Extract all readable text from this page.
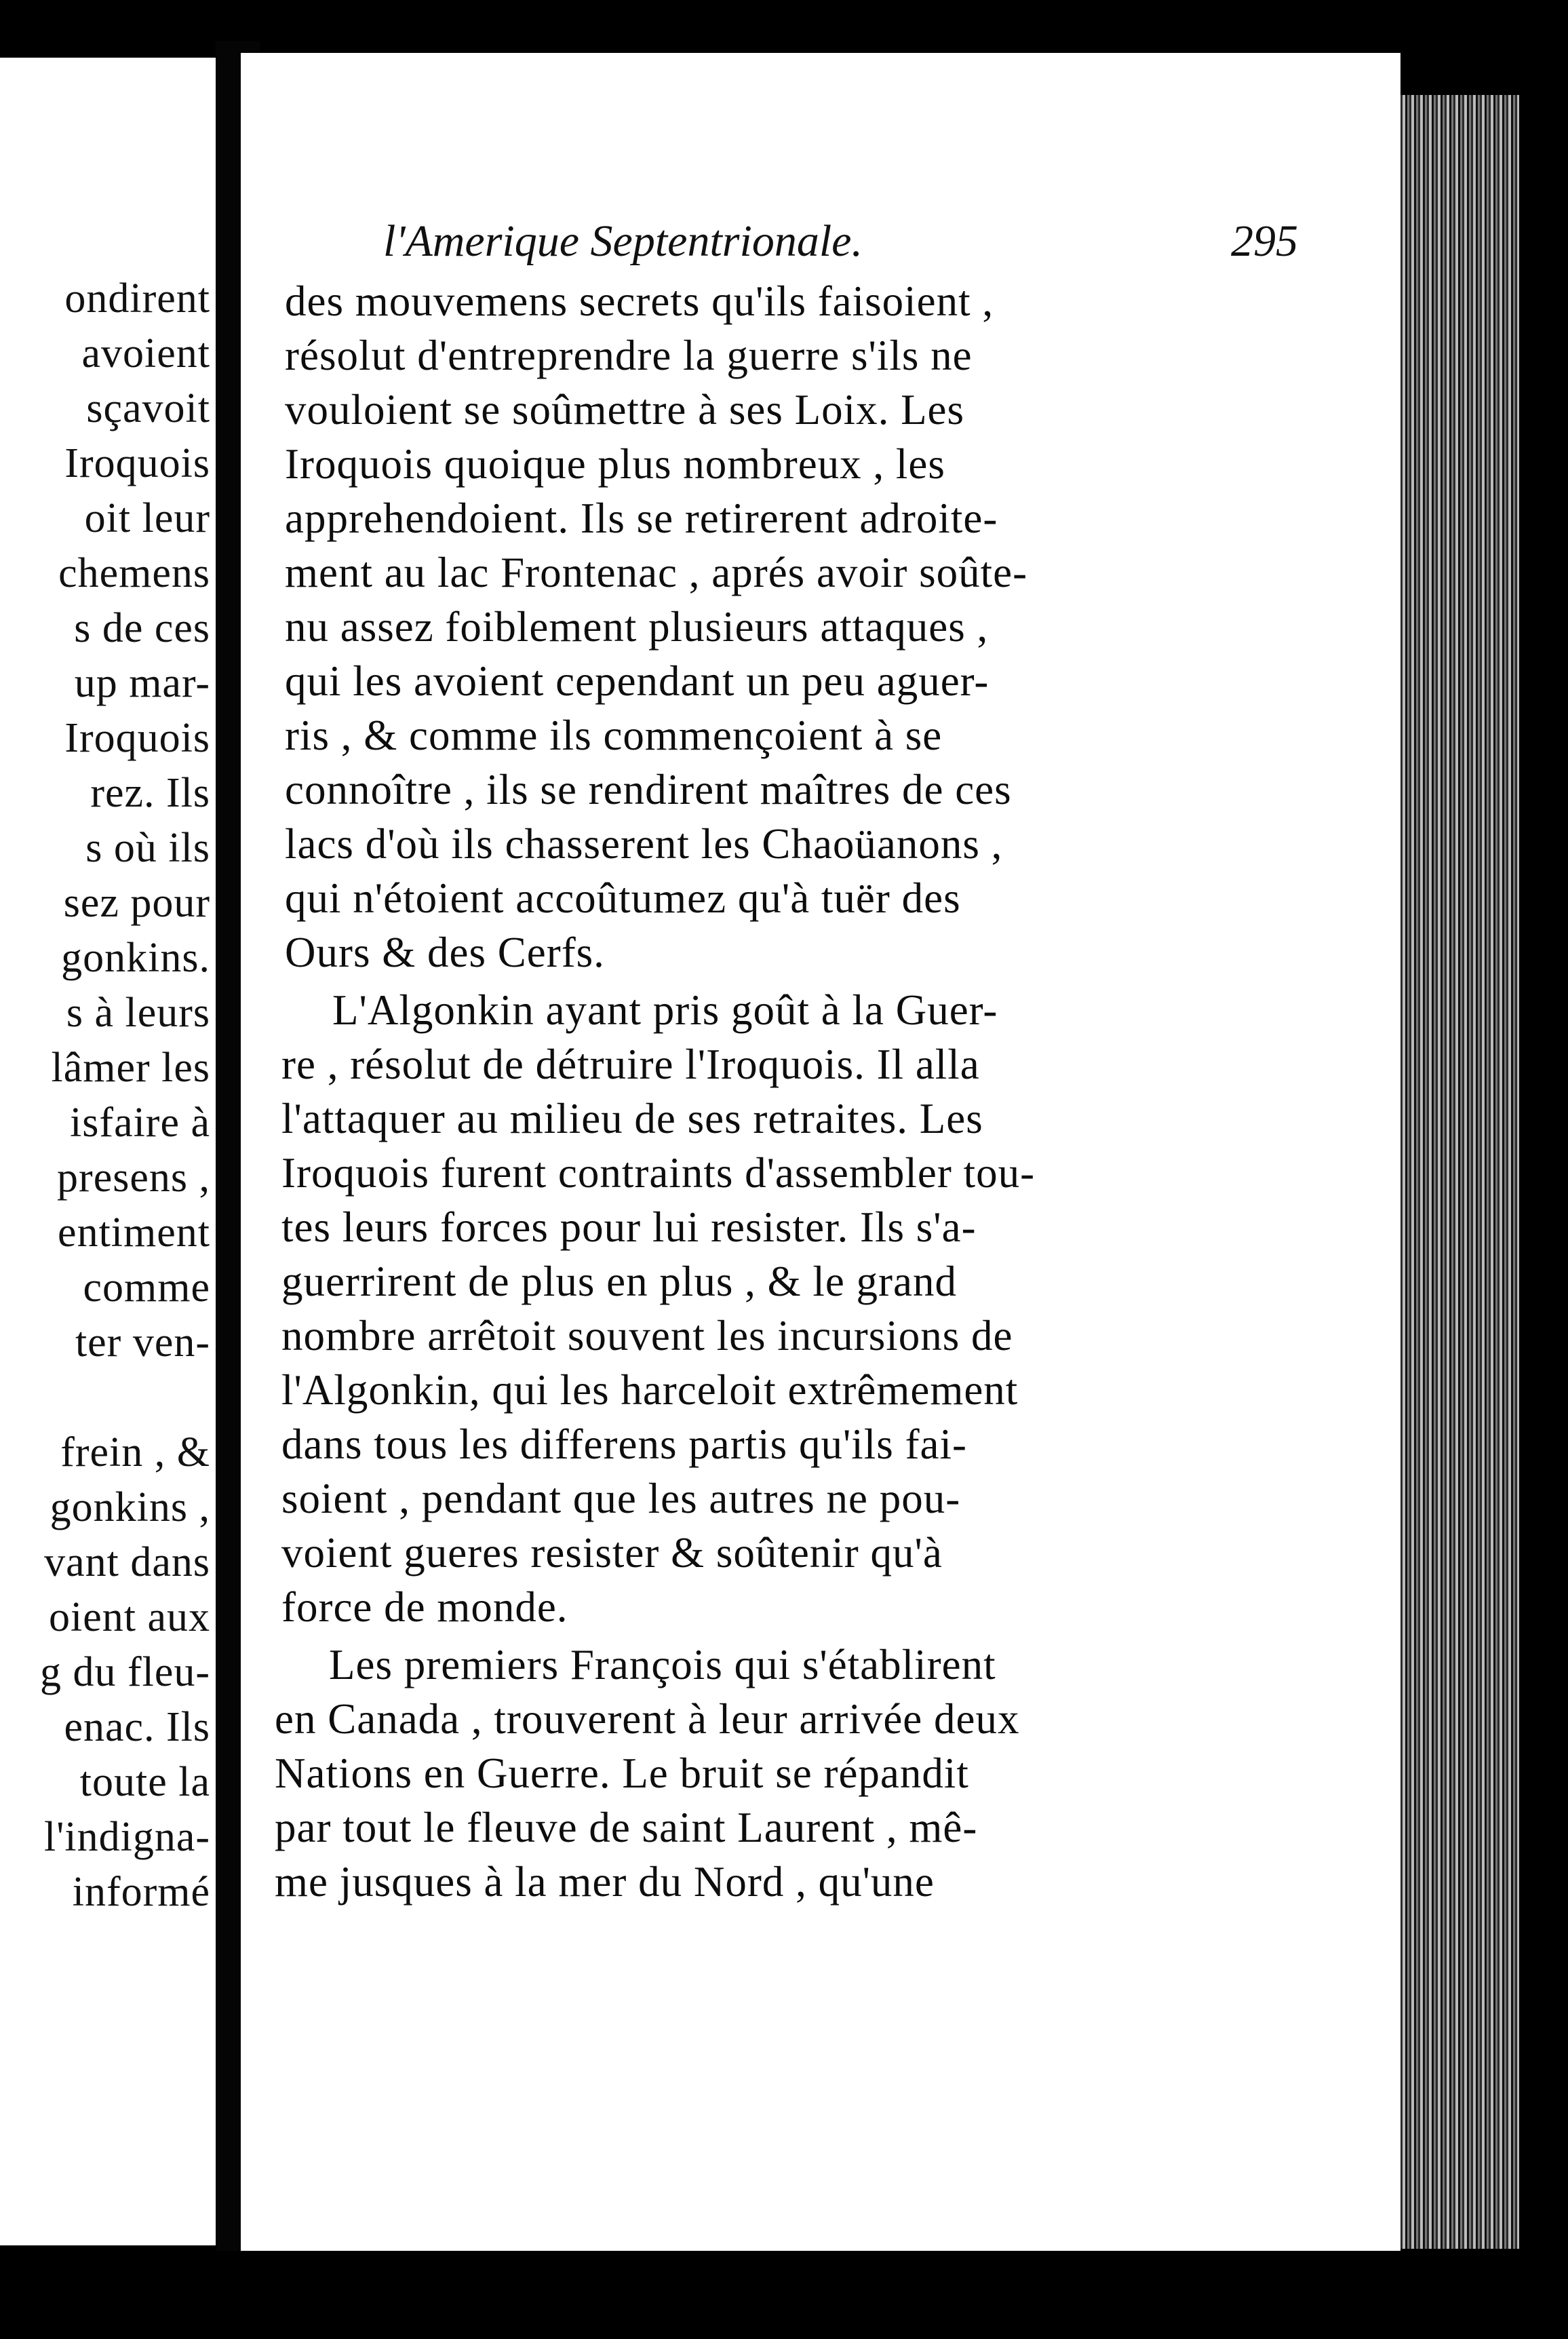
ondirent
avoient
sçavoit
Iroquois
oit leur
chemens
s de ces
up mar-
Iroquois
rez. Ils
s où ils
sez pour
gonkins.
s à leurs
lâmer les
isfaire à
presens ,
entiment
comme
ter ven-
frein , &
gonkins ,
vant dans
oient aux
g du fleu-
enac. Ils
toute la
l'indigna-
informé
l'Amerique Septentrionale.	295
des mouvemens secrets qu'ils faisoient ,
résolut d'entreprendre la guerre s'ils ne
vouloient se soûmettre à ses Loix. Les
Iroquois quoique plus nombreux , les
apprehendoient. Ils se retirerent adroite-
ment au lac Frontenac , aprés avoir soûte-
nu assez foiblement plusieurs attaques ,
qui les avoient cependant un peu aguer-
ris , & comme ils commençoient à se
connoître , ils se rendirent maîtres de ces
lacs d'où ils chasserent les Chaoüanons ,
qui n'étoient accoûtumez qu'à tuër des
Ours & des Cerfs.
L'Algonkin ayant pris goût à la Guer-
re , résolut de détruire l'Iroquois. Il alla
l'attaquer au milieu de ses retraites. Les
Iroquois furent contraints d'assembler tou-
tes leurs forces pour lui resister. Ils s'a-
guerrirent de plus en plus , & le grand
nombre arrêtoit souvent les incursions de
l'Algonkin, qui les harceloit extrêmement
dans tous les differens partis qu'ils fai-
soient , pendant que les autres ne pou-
voient gueres resister & soûtenir qu'à
force de monde.
Les premiers François qui s'établirent
en Canada , trouverent à leur arrivée deux
Nations en Guerre. Le bruit se répandit
par tout le fleuve de saint Laurent , mê-
me jusques à la mer du Nord , qu'une
